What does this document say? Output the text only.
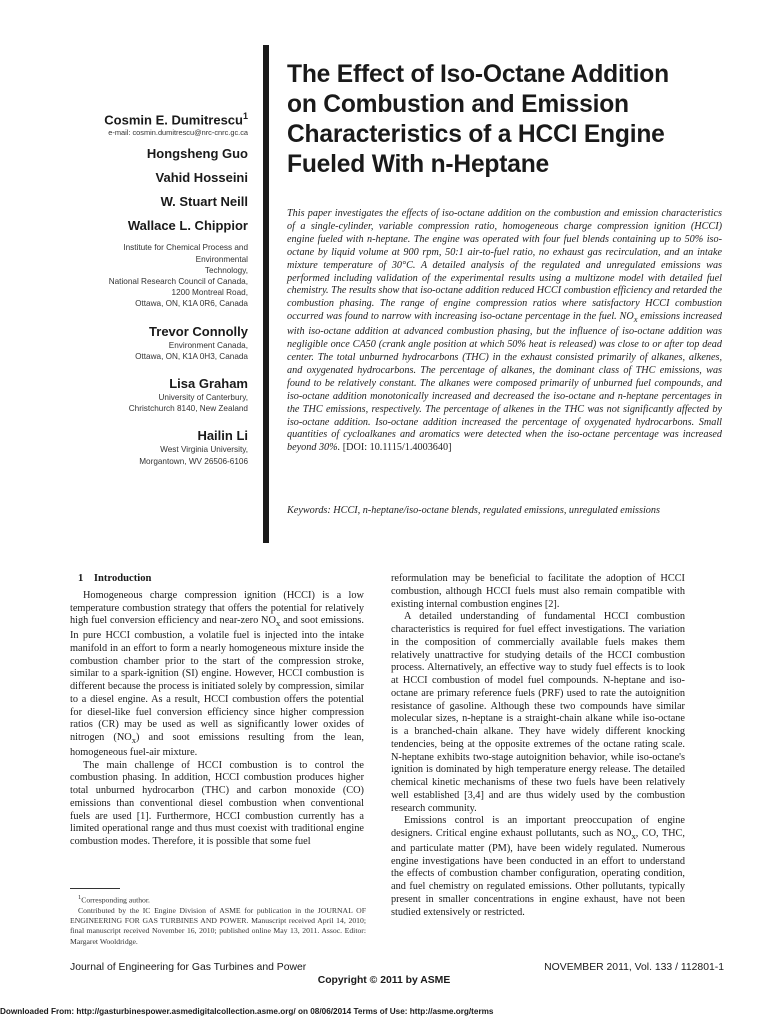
Cosmin E. Dumitrescu$^1$
e-mail: cosmin.dumitrescu@nrc-cnrc.gc.ca
Hongsheng Guo
Vahid Hosseini
W. Stuart Neill
Wallace L. Chippior
Institute for Chemical Process and Environmental
Technology,
National Research Council of Canada,
1200 Montreal Road,
Ottawa, ON, K1A 0R6, Canada
Trevor Connolly
Environment Canada,
Ottawa, ON, K1A 0H3, Canada
Lisa Graham
University of Canterbury,
Christchurch 8140, New Zealand
Hailin Li
West Virginia University,
Morgantown, WV 26506-6106
The Effect of Iso-Octane Addition
on Combustion and Emission
Characteristics of a HCCI Engine
Fueled With n-Heptane
This paper investigates the effects of iso-octane addition on the combustion and emission characteristics of a single-cylinder, variable compression ratio, homogeneous charge compression ignition (HCCI) engine fueled with n-heptane. The engine was operated with four fuel blends containing up to 50% iso-octane by liquid volume at 900 rpm, 50:1 air-to-fuel ratio, no exhaust gas recirculation, and an intake mixture temperature of 30°C. A detailed analysis of the regulated and unregulated emissions was performed including validation of the experimental results using a multizone model with detailed fuel chemistry. The results show that iso-octane addition reduced HCCI combustion efficiency and retarded the combustion phasing. The range of engine compression ratios where satisfactory HCCI combustion occurred was found to narrow with increasing iso-octane percentage in the fuel. $NO_x$ emissions increased with iso-octane addition at advanced combustion phasing, but the influence of iso-octane addition was negligible once CA50 (crank angle position at which 50% heat is released) was close to or after top dead center. The total unburned hydrocarbons (THC) in the exhaust consisted primarily of alkanes, alkenes, and oxygenated hydrocarbons. The percentage of alkanes, the dominant class of THC emissions, was found to be relatively constant. The alkanes were composed primarily of unburned fuel compounds, and iso-octane addition monotonically increased and decreased the iso-octane and n-heptane percentages in the THC emissions, respectively. The percentage of alkenes in the THC was not significantly affected by iso-octane addition. Iso-octane addition increased the percentage of oxygenated hydrocarbons. Small quantities of cycloalkanes and aromatics were detected when the iso-octane percentage was increased beyond 30%. [DOI: 10.1115/1.4003640]
Keywords: HCCI, n-heptane/iso-octane blends, regulated emissions, unregulated emissions
1 Introduction

Homogeneous charge compression ignition (HCCI) is a low temperature combustion strategy that offers the potential for relatively high fuel conversion efficiency and near-zero $NO_x$ and soot emissions. In pure HCCI combustion, a volatile fuel is injected into the intake manifold in an effort to form a nearly homogeneous mixture inside the combustion chamber prior to the start of the compression stroke, similar to a spark-ignition (SI) engine. However, HCCI combustion is different because the process is initiated solely by compression, similar to a diesel engine. As a result, HCCI combustion offers the potential for diesel-like fuel conversion efficiency since higher compression ratios (CR) may be used as well as significantly lower oxides of nitrogen $(NO_x)$ and soot emissions resulting from the lean, homogeneous fuel-air mixture.

The main challenge of HCCI combustion is to control the combustion phasing. In addition, HCCI combustion produces higher total unburned hydrocarbon (THC) and carbon monoxide (CO) emissions than conventional diesel combustion when conventional fuels are used [1]. Furthermore, HCCI combustion currently has a limited operational range and thus must coexist with traditional engine combustion modes. Therefore, it is possible that some fuel

reformulation may be beneficial to facilitate the adoption of HCCI combustion, although HCCI fuels must also remain compatible with existing internal combustion engines [2].

A detailed understanding of fundamental HCCI combustion characteristics is required for fuel effect investigations. The variation in the composition of commercially available fuels makes them relatively unattractive for studying details of the HCCI combustion process. Alternatively, an effective way to study fuel effects is to look at HCCI combustion of model fuel compounds. N-heptane and iso-octane are primary reference fuels (PRF) used to rate the autoignition resistance of gasoline. Although these two compounds have similar molecular sizes, n-heptane is a straight-chain alkane while iso-octane is a branched-chain alkane. They have widely different knocking tendencies, being at the opposite extremes of the octane rating scale. N-heptane exhibits two-stage autoignition behavior, while iso-octane's ignition is dominated by high temperature energy release. The detailed chemical kinetic mechanisms of these two fuels have been relatively well established [3,4] and are thus widely used by the combustion research community.

Emissions control is an important preoccupation of engine designers. Critical engine exhaust pollutants, such as $NO_x$, CO, THC, and particulate matter (PM), have been widely regulated. Numerous engine investigations have been conducted in an effort to understand the effects of combustion chamber configuration, operating condition, and fuel chemistry on regulated emissions. Other pollutants, typically present in smaller concentrations in engine exhaust, have not been studied extensively or restricted.

$^1$Corresponding author.

Contributed by the IC Engine Division of ASME for publication in the JOURNAL OF ENGINEERING FOR GAS TURBINES AND POWER. Manuscript received April 14, 2010; final manuscript received November 16, 2010; published online May 13, 2011. Assoc. Editor: Margaret Wooldridge.

Journal of Engineering for Gas Turbines and Power	NOVEMBER 2011, Vol. 133 / 112801-1
Copyright © 2011 by ASME
Downloaded From: http://gasturbinespower.asmedigitalcollection.asme.org/ on 08/06/2014 Terms of Use: http://asme.org/terms
